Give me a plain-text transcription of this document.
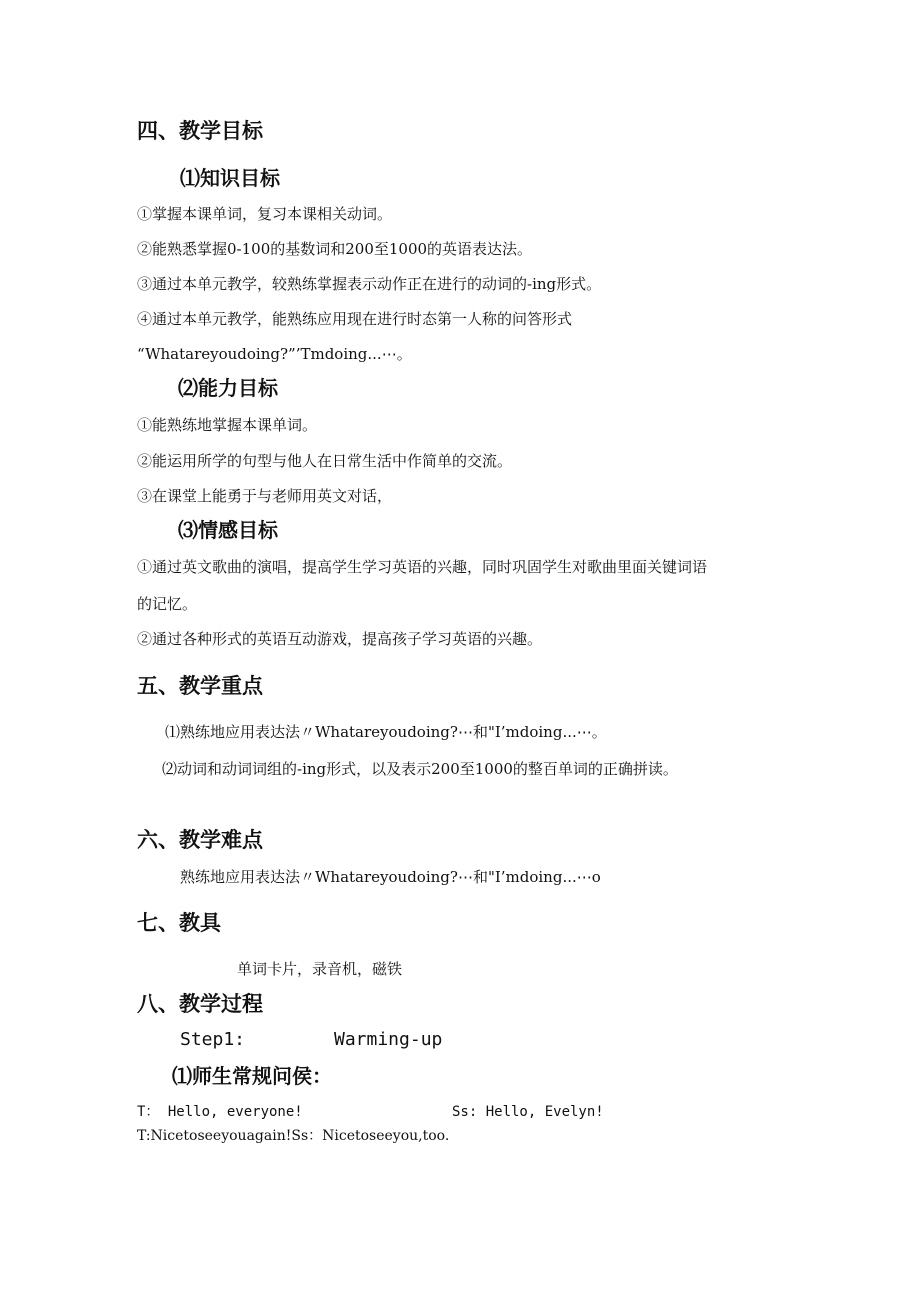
四、教学目标
⑴知识目标

①掌握本课单词，复习本课相关动词。

②能熟悉掌握0-100的基数词和200至1000的英语表达法。

③通过本单元教学，较熟练掌握表示动作正在进行的动词的-ing形式。

④通过本单元教学，能熟练应用现在进行时态第一人称的问答形式

“Whatareyoudoing?”’Tmdoing...⋯。

⑵能力目标

①能熟练地掌握本课单词。

②能运用所学的句型与他人在日常生活中作简单的交流。

③在课堂上能勇于与老师用英文对话，

⑶情感目标

①通过英文歌曲的演唱，提高学生学习英语的兴趣，同时巩固学生对歌曲里面关键词语

的记忆。

②通过各种形式的英语互动游戏，提高孩子学习英语的兴趣。

五、教学重点

⑴熟练地应用表达法〃Whatareyoudoing?⋯和"I’mdoing...⋯。

⑵动词和动词词组的-ing形式，以及表示200至1000的整百单词的正确拼读。

六、教学难点

熟练地应用表达法〃Whatareyoudoing?⋯和"I’mdoing...⋯o

七、教具

单词卡片，录音机，磁铁

八、教学过程

Step1:	Warming-up

⑴师生常规问侯：

T： Hello, everyone!	Ss: Hello, Evelyn!

T:Nicetoseeyouagain!Ss：Nicetoseeyou,too.
